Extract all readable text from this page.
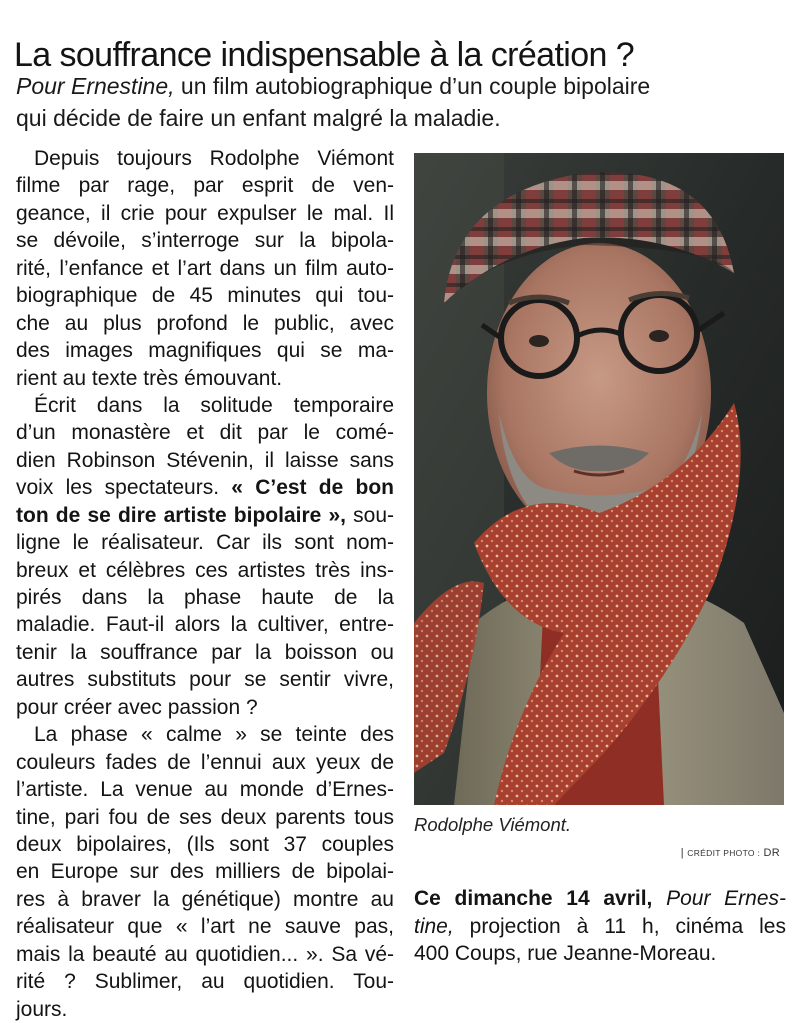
La souffrance indispensable à la création ?
Pour Ernestine, un film autobiographique d’un couple bipolaire
qui décide de faire un enfant malgré la maladie.
Depuis toujours Rodolphe Viémont
filme par rage, par esprit de ven-
geance, il crie pour expulser le mal. Il
se dévoile, s’interroge sur la bipola-
rité, l’enfance et l’art dans un film auto-
biographique de 45 minutes qui tou-
che au plus profond le public, avec
des images magnifiques qui se ma-
rient au texte très émouvant.
Écrit dans la solitude temporaire
d’un monastère et dit par le comé-
dien Robinson Stévenin, il laisse sans
voix les spectateurs. « C’est de bon
ton de se dire artiste bipolaire », sou-
ligne le réalisateur. Car ils sont nom-
breux et célèbres ces artistes très ins-
pirés dans la phase haute de la
maladie. Faut-il alors la cultiver, entre-
tenir la souffrance par la boisson ou
autres substituts pour se sentir vivre,
pour créer avec passion ?
La phase « calme » se teinte des
couleurs fades de l’ennui aux yeux de
l’artiste. La venue au monde d’Ernes-
tine, pari fou de ses deux parents tous
deux bipolaires, (Ils sont 37 couples
en Europe sur des milliers de bipolai-
res à braver la génétique) montre au
réalisateur que « l’art ne sauve pas,
mais la beauté au quotidien... ». Sa vé-
rité ? Sublimer, au quotidien. Tou-
jours.
Rodolphe Viémont.
| CRÉDIT PHOTO : DR
Ce dimanche 14 avril, Pour Ernes-
tine, projection à 11 h, cinéma les
400 Coups, rue Jeanne-Moreau.
